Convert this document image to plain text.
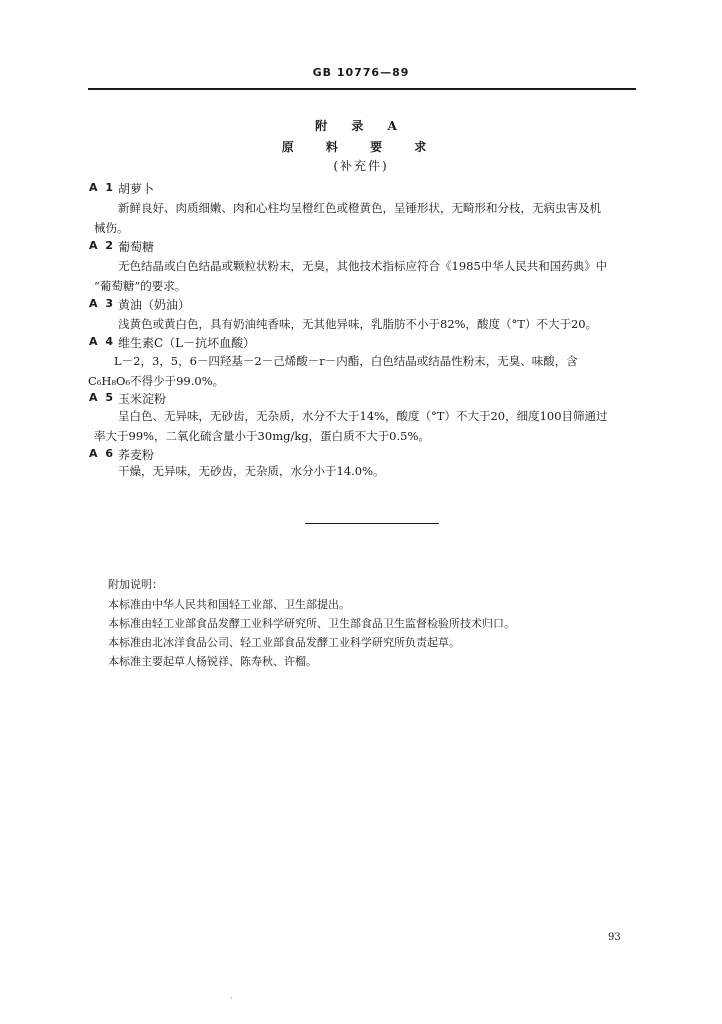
GB 10776—89
附 录 A
原 料 要 求
(补充件)
A 1 胡萝卜
新鲜良好、肉质细嫩、肉和心柱均呈橙红色或橙黄色，呈锤形状，无畸形和分枝，无病虫害及机
械伤。
A 2 葡萄糖
无色结晶或白色结晶或颗粒状粉末，无臭，其他技术指标应符合《1985中华人民共和国药典》中
“葡萄糖”的要求。
A 3 黄油（奶油）
浅黄色或黄白色，具有奶油纯香味，无其他异味，乳脂肪不小于82%，酸度（°T）不大于20。
A 4 维生素C（L－抗坏血酸）
L－2，3，5，6－四羟基－2－己烯酸－r－内酯，白色结晶或结晶性粉末，无臭、味酸，含
C₆H₈O₆不得少于99.0%。
A 5 玉米淀粉
呈白色、无异味，无砂齿，无杂质，水分不大于14%，酸度（°T）不大于20，细度100目筛通过
率大于99%，二氧化硫含量小于30mg/kg，蛋白质不大于0.5%。
A 6 荞麦粉
干燥，无异味，无砂齿，无杂质，水分小于14.0%。
附加说明：
本标准由中华人民共和国轻工业部、卫生部提出。
本标准由轻工业部食品发酵工业科学研究所、卫生部食品卫生监督检验所技术归口。
本标准由北冰洋食品公司、轻工业部食品发酵工业科学研究所负责起草。
本标准主要起草人杨锐祥、陈寿秋、许榴。
93
·
